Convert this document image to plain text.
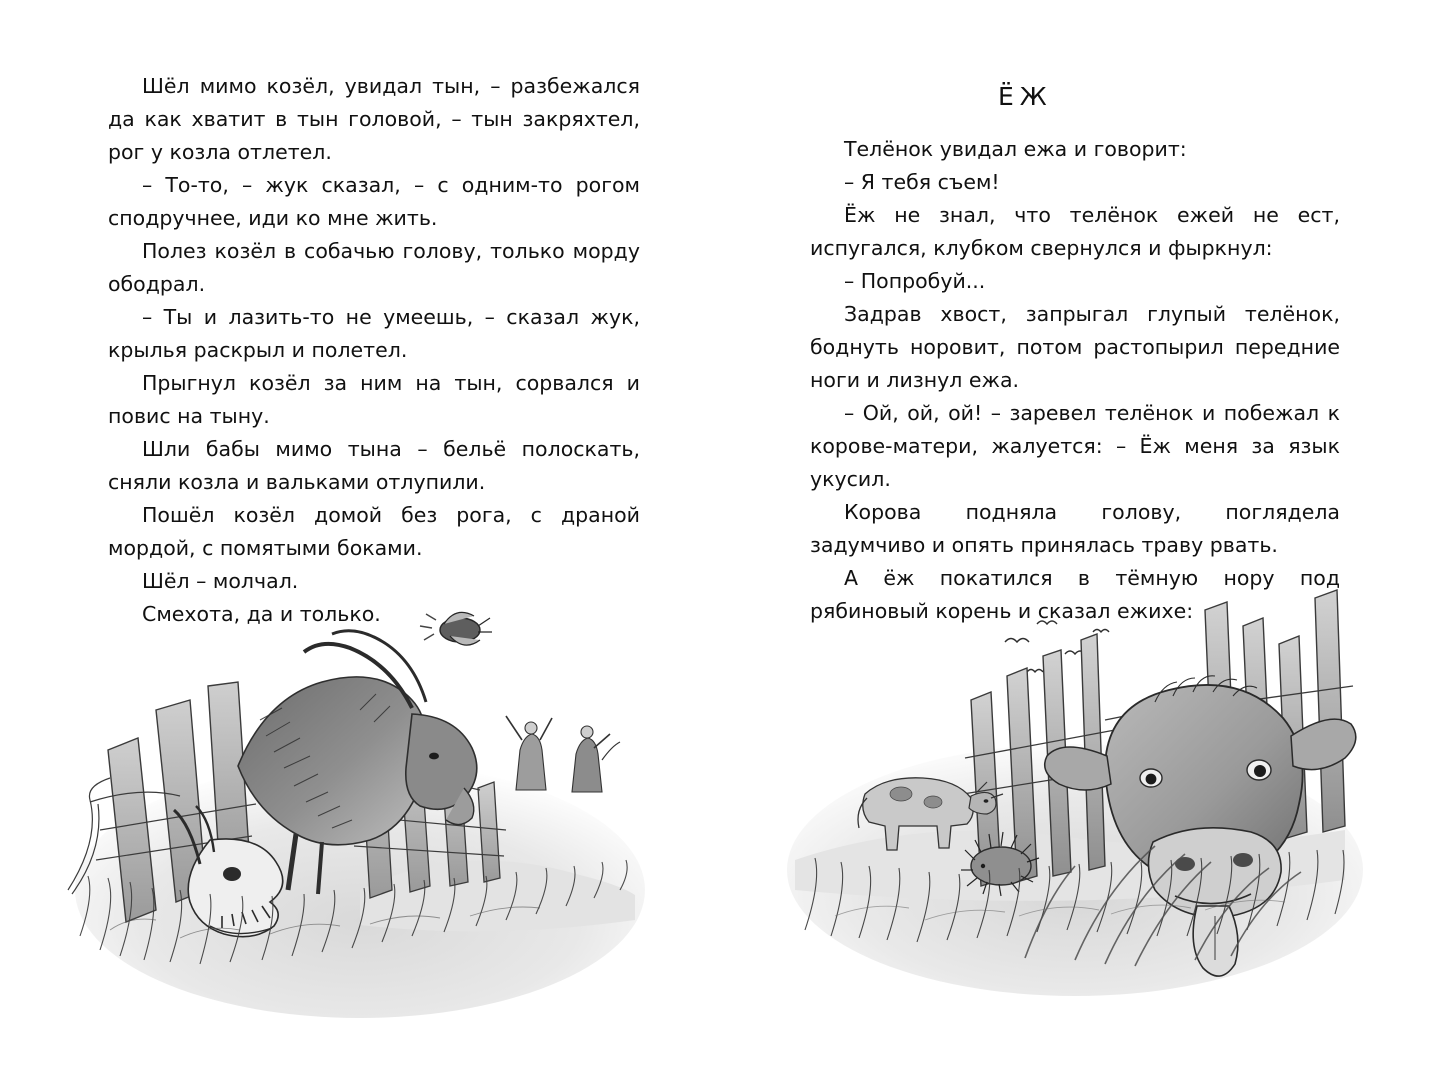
Шёл мимо козёл, увидал тын, – разбежался да как хватит в тын головой, – тын закряхтел, рог у козла отлетел.

– То-то, – жук сказал, – с одним-то рогом сподручнее, иди ко мне жить.

Полез козёл в собачью голову, только морду ободрал.

– Ты и лазить-то не умеешь, – сказал жук, крылья раскрыл и полетел.

Прыгнул козёл за ним на тын, сорвался и повис на тыну.

Шли бабы мимо тына – бельё полоскать, сняли козла и вальками отлупили.

Пошёл козёл домой без рога, с драной мордой, с помятыми боками.

Шёл – молчал.

Смехота, да и только.

ЁЖ

Телёнок увидал ежа и говорит:

– Я тебя съем!

Ёж не знал, что телёнок ежей не ест, испугался, клубком свернулся и фыркнул:

– Попробуй...

Задрав хвост, запрыгал глупый телёнок, боднуть норовит, потом растопырил передние ноги и лизнул ежа.

– Ой, ой, ой! – заревел телёнок и побежал к корове-матери, жалуется: – Ёж меня за язык укусил.

Корова подняла голову, поглядела задумчиво и опять принялась траву рвать.

А ёж покатился в тёмную нору под рябиновый корень и сказал ежихе:
